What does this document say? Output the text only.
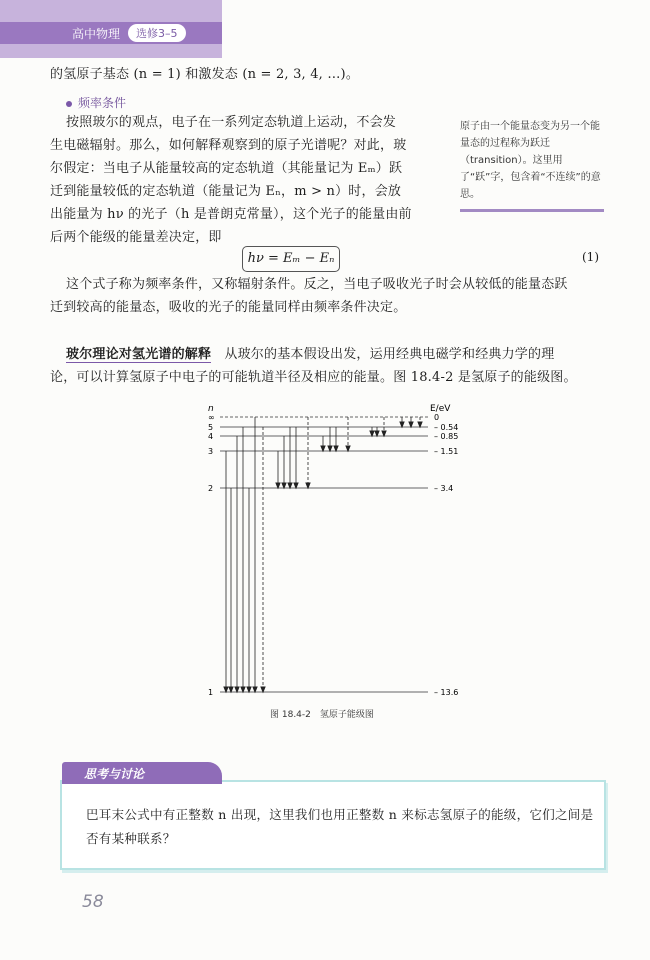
高中物理	选修3–5
的氢原子基态 (n = 1) 和激发态 (n = 2, 3, 4, …)。
频率条件
按照玻尔的观点，电子在一系列定态轨道上运动，不会发
生电磁辐射。那么，如何解释观察到的原子光谱呢？对此，玻
尔假定：当电子从能量较高的定态轨道（其能量记为 Eₘ）跃
迁到能量较低的定态轨道（能量记为 Eₙ，m > n）时，会放
出能量为 hν 的光子（h 是普朗克常量），这个光子的能量由前
后两个能级的能量差决定，即
原子由一个能量态变为另一个能量态的过程称为跃迁（transition）。这里用了“跃”字，包含着“不连续”的意思。
hν = Eₘ − Eₙ	(1)
这个式子称为频率条件，又称辐射条件。反之，当电子吸收光子时会从较低的能量态跃
迁到较高的能量态，吸收的光子的能量同样由频率条件决定。
玻尔理论对氢光谱的解释　从玻尔的基本假设出发，运用经典电磁学和经典力学的理
论，可以计算氢原子中电子的可能轨道半径及相应的能量。图 18.4-2 是氢原子的能级图。
n	E/eV
∞	0
5	– 0.54
4	– 0.85
3	– 1.51
2	– 3.4
1	– 13.6
图 18.4-2　氢原子能级图
思考与讨论
巴耳末公式中有正整数 n 出现，这里我们也用正整数 n 来标志氢原子的能级，它们之间是否有某种联系？
58
